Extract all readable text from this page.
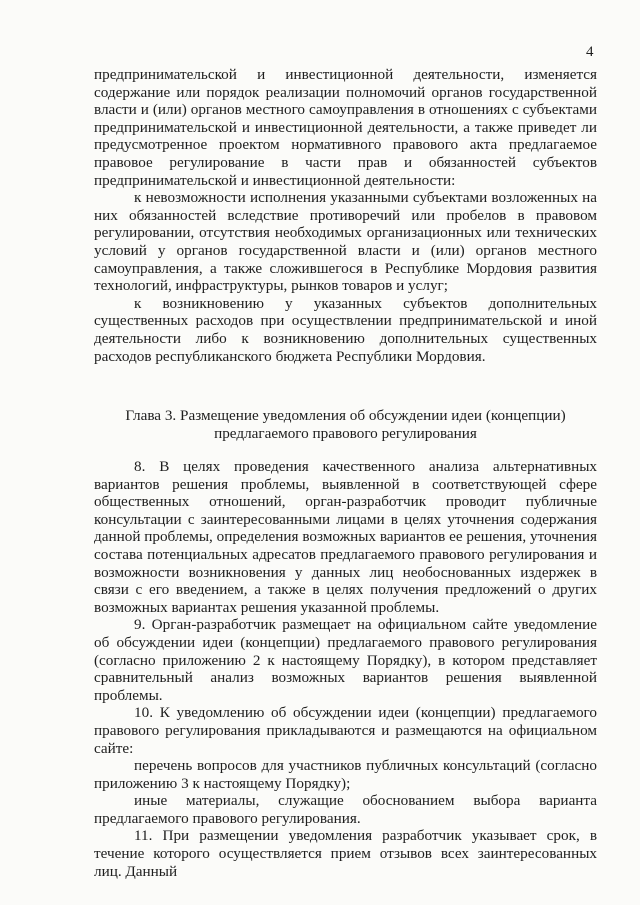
4

предпринимательской и инвестиционной деятельности, изменяется содержание или порядок реализации полномочий органов государственной власти и (или) органов местного самоуправления в отношениях с субъектами предпринимательской и инвестиционной деятельности, а также приведет ли предусмотренное проектом нормативного правового акта предлагаемое правовое регулирование в части прав и обязанностей субъектов предпринимательской и инвестиционной деятельности:

к невозможности исполнения указанными субъектами возложенных на них обязанностей вследствие противоречий или пробелов в правовом регулировании, отсутствия необходимых организационных или технических условий у органов государственной власти и (или) органов местного самоуправления, а также сложившегося в Республике Мордовия развития технологий, инфраструктуры, рынков товаров и услуг;

к возникновению у указанных субъектов дополнительных существенных расходов при осуществлении предпринимательской и иной деятельности либо к возникновению дополнительных существенных расходов республиканского бюджета Республики Мордовия.

Глава 3. Размещение уведомления об обсуждении идеи (концепции)

предлагаемого правового регулирования

8. В целях проведения качественного анализа альтернативных вариантов решения проблемы, выявленной в соответствующей сфере общественных отношений, орган-разработчик проводит публичные консультации с заинтересованными лицами в целях уточнения содержания данной проблемы, определения возможных вариантов ее решения, уточнения состава потенциальных адресатов предлагаемого правового регулирования и возможности возникновения у данных лиц необоснованных издержек в связи с его введением, а также в целях получения предложений о других возможных вариантах решения указанной проблемы.

9. Орган-разработчик размещает на официальном сайте уведомление об обсуждении идеи (концепции) предлагаемого правового регулирования (согласно приложению 2 к настоящему Порядку), в котором представляет сравнительный анализ возможных вариантов решения выявленной проблемы.

10. К уведомлению об обсуждении идеи (концепции) предлагаемого правового регулирования прикладываются и размещаются на официальном сайте:

перечень вопросов для участников публичных консультаций (согласно приложению 3 к настоящему Порядку);

иные материалы, служащие обоснованием выбора варианта предлагаемого правового регулирования.

11. При размещении уведомления разработчик указывает срок, в течение которого осуществляется прием отзывов всех заинтересованных лиц. Данный
